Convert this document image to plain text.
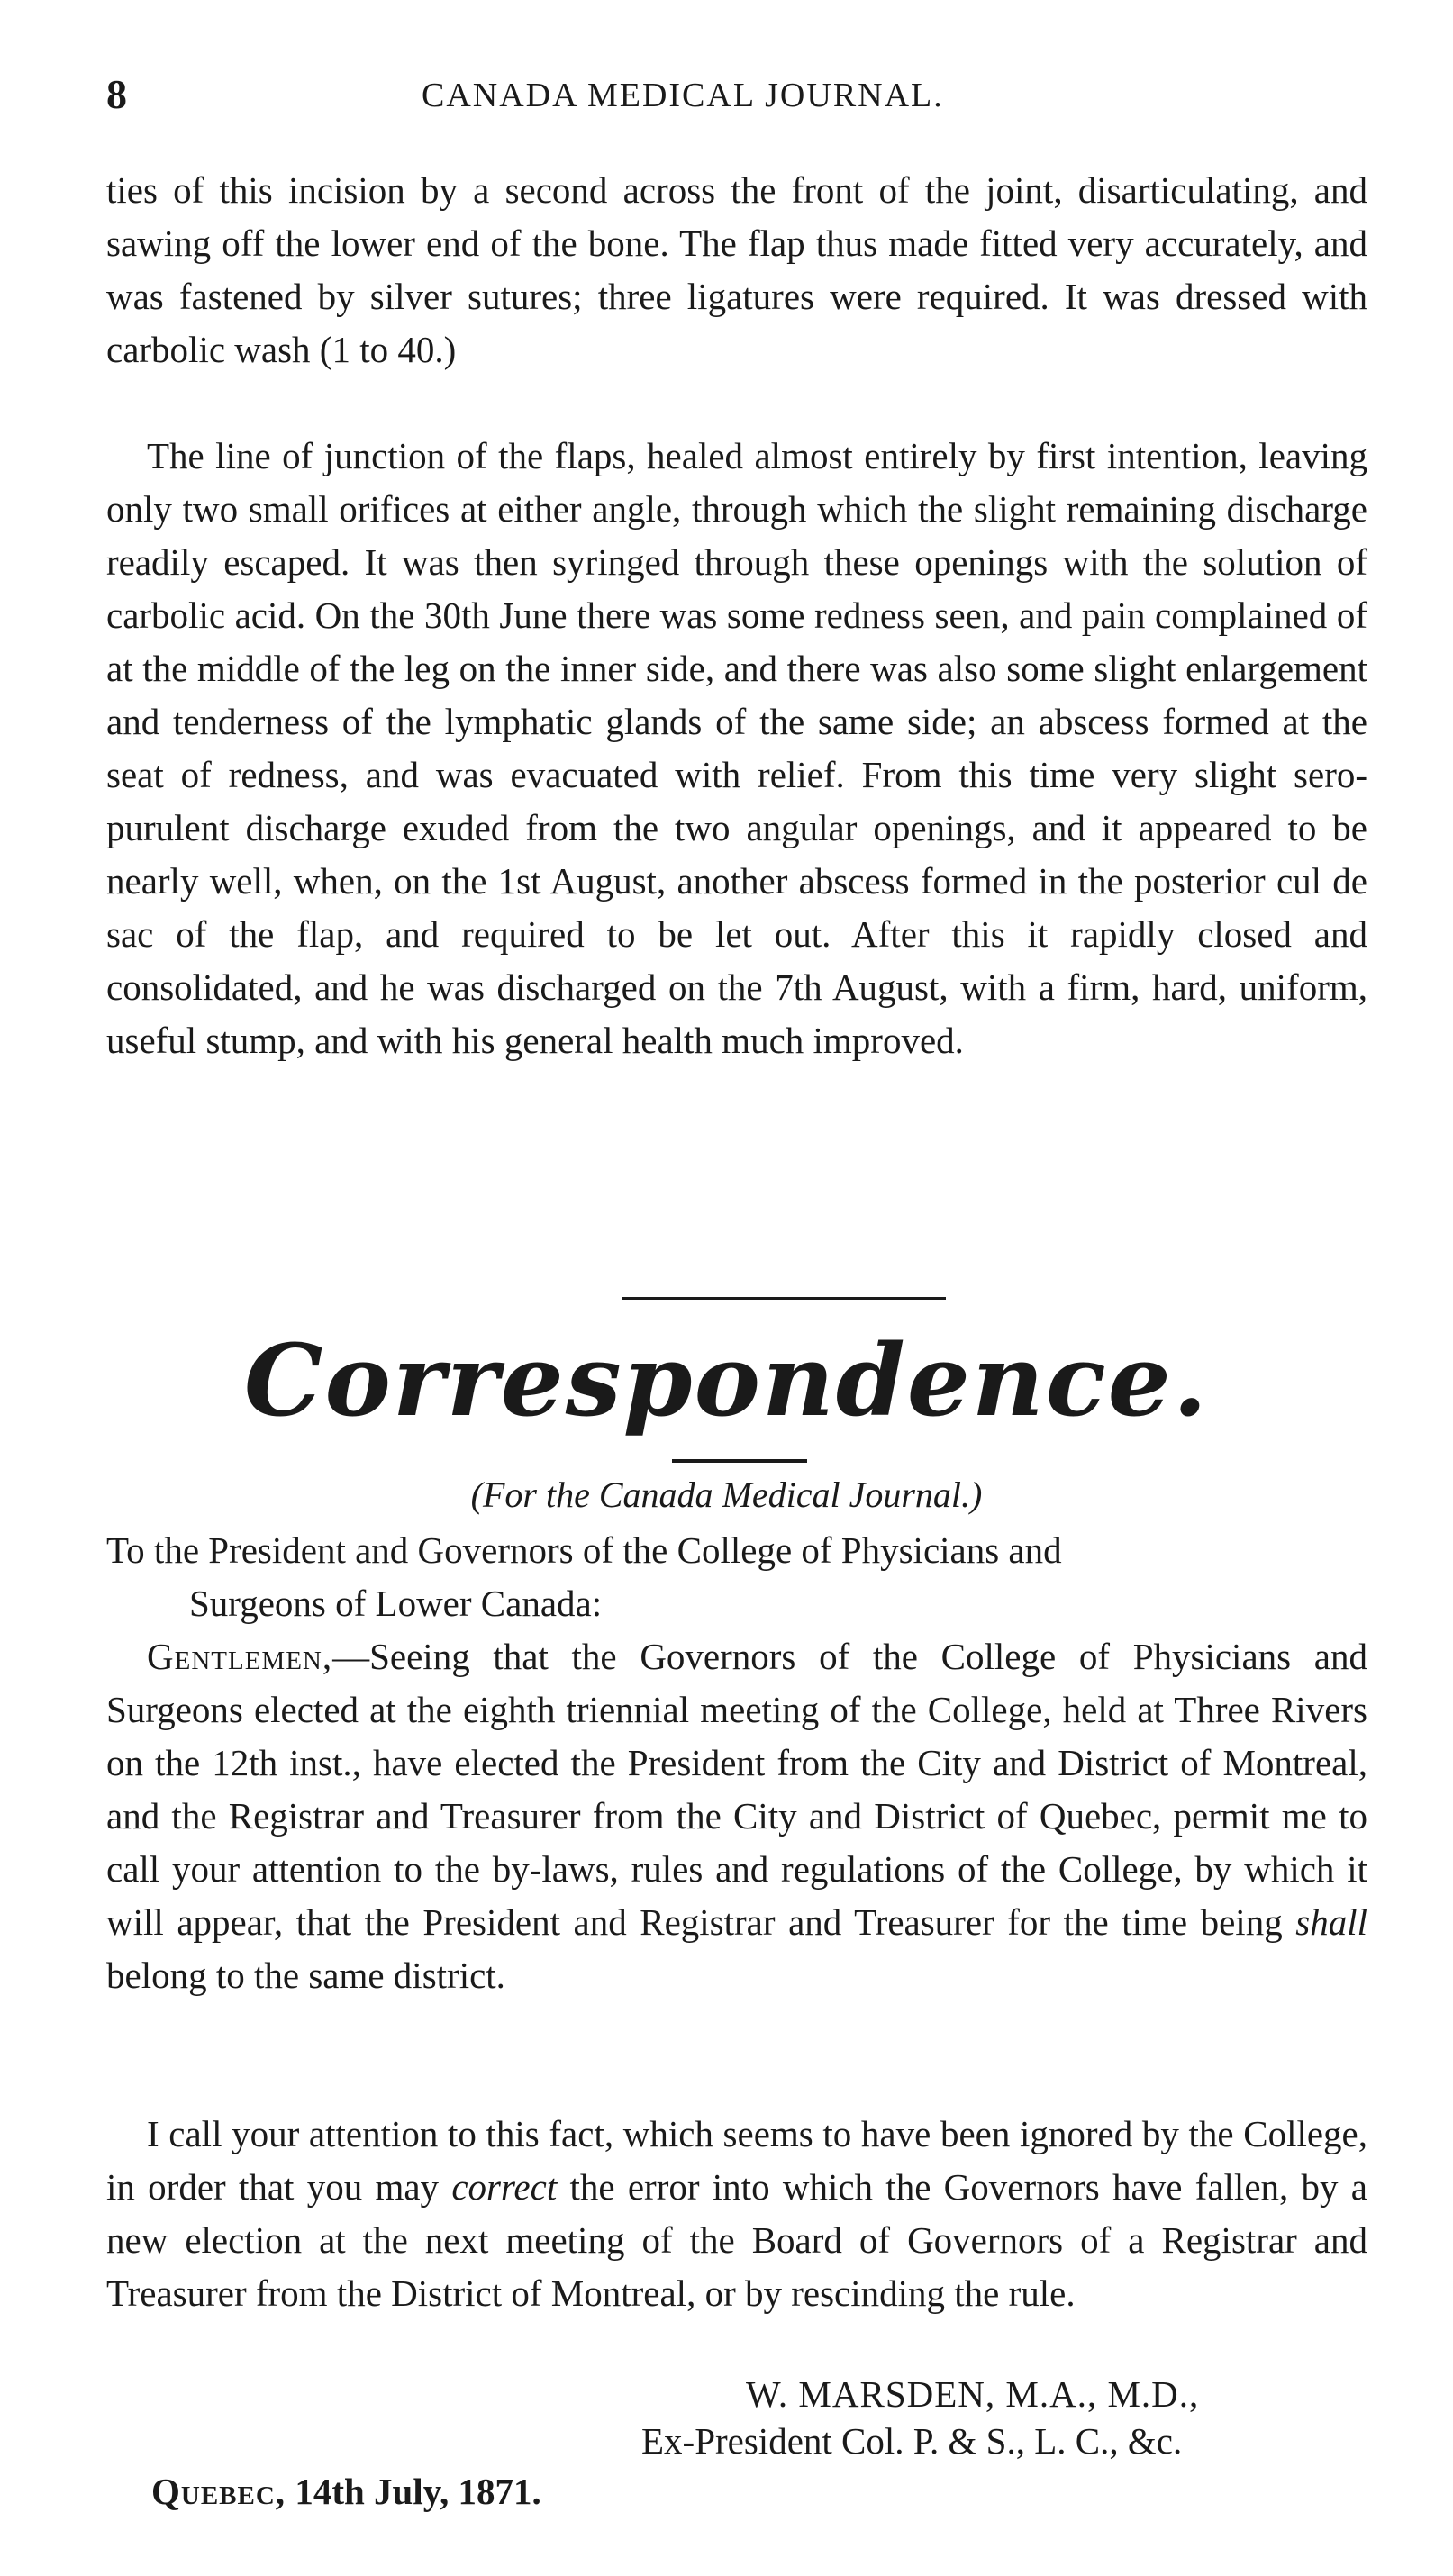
8	CANADA MEDICAL JOURNAL.

ties of this incision by a second across the front of the joint, disarticulating, and sawing off the lower end of the bone. The flap thus made fitted very accurately, and was fastened by silver sutures; three ligatures were required. It was dressed with carbolic wash (1 to 40.)

The line of junction of the flaps, healed almost entirely by first intention, leaving only two small orifices at either angle, through which the slight remaining discharge readily escaped. It was then syringed through these openings with the solution of carbolic acid. On the 30th June there was some redness seen, and pain complained of at the middle of the leg on the inner side, and there was also some slight enlargement and tenderness of the lymphatic glands of the same side; an abscess formed at the seat of redness, and was evacuated with relief. From this time very slight sero-purulent discharge exuded from the two angular openings, and it appeared to be nearly well, when, on the 1st August, another abscess formed in the posterior cul de sac of the flap, and required to be let out. After this it rapidly closed and consolidated, and he was discharged on the 7th August, with a firm, hard, uniform, useful stump, and with his general health much improved.

Correspondence.
(For the Canada Medical Journal.)
To the President and Governors of the College of Physicians and
Surgeons of Lower Canada:

Gentlemen,—Seeing that the Governors of the College of Physicians and Surgeons elected at the eighth triennial meeting of the College, held at Three Rivers on the 12th inst., have elected the President from the City and District of Montreal, and the Registrar and Treasurer from the City and District of Quebec, permit me to call your attention to the by-laws, rules and regulations of the College, by which it will appear, that the President and Registrar and Treasurer for the time being shall belong to the same district.

I call your attention to this fact, which seems to have been ignored by the College, in order that you may correct the error into which the Governors have fallen, by a new election at the next meeting of the Board of Governors of a Registrar and Treasurer from the District of Montreal, or by rescinding the rule.

W. MARSDEN, M.A., M.D.,
Ex-President Col. P. & S., L. C., &c.
Quebec, 14th July, 1871.
